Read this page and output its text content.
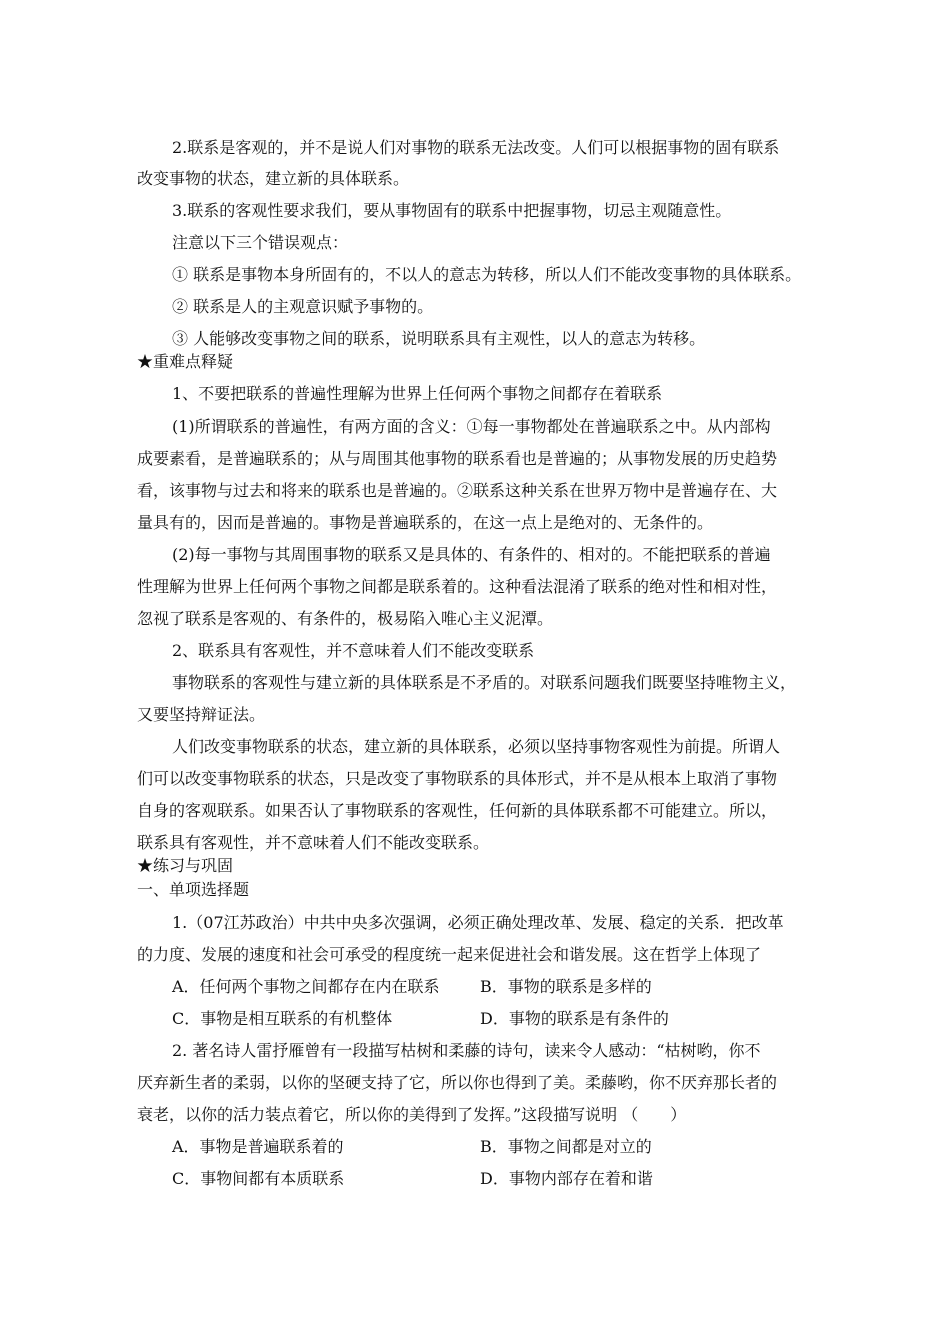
2.联系是客观的，并不是说人们对事物的联系无法改变。人们可以根据事物的固有联系
改变事物的状态，建立新的具体联系。
3.联系的客观性要求我们，要从事物固有的联系中把握事物，切忌主观随意性。
注意以下三个错误观点：
① 联系是事物本身所固有的，不以人的意志为转移，所以人们不能改变事物的具体联系。
② 联系是人的主观意识赋予事物的。
③ 人能够改变事物之间的联系，说明联系具有主观性，以人的意志为转移。
★重难点释疑
1、不要把联系的普遍性理解为世界上任何两个事物之间都存在着联系
(1)所谓联系的普遍性，有两方面的含义：①每一事物都处在普遍联系之中。从内部构
成要素看，是普遍联系的；从与周围其他事物的联系看也是普遍的；从事物发展的历史趋势
看，该事物与过去和将来的联系也是普遍的。②联系这种关系在世界万物中是普遍存在、大
量具有的，因而是普遍的。事物是普遍联系的，在这一点上是绝对的、无条件的。
(2)每一事物与其周围事物的联系又是具体的、有条件的、相对的。不能把联系的普遍
性理解为世界上任何两个事物之间都是联系着的。这种看法混淆了联系的绝对性和相对性，
忽视了联系是客观的、有条件的，极易陷入唯心主义泥潭。
2、联系具有客观性，并不意味着人们不能改变联系
事物联系的客观性与建立新的具体联系是不矛盾的。对联系问题我们既要坚持唯物主义，
又要坚持辩证法。
人们改变事物联系的状态，建立新的具体联系，必须以坚持事物客观性为前提。所谓人
们可以改变事物联系的状态，只是改变了事物联系的具体形式，并不是从根本上取消了事物
自身的客观联系。如果否认了事物联系的客观性，任何新的具体联系都不可能建立。所以，
联系具有客观性，并不意味着人们不能改变联系。
★练习与巩固
一、单项选择题
1.（07江苏政治）中共中央多次强调，必须正确处理改革、发展、稳定的关系．把改革
的力度、发展的速度和社会可承受的程度统一起来促进社会和谐发展。这在哲学上体现了
A．任何两个事物之间都存在内在联系	B．事物的联系是多样的
C．事物是相互联系的有机整体	D．事物的联系是有条件的
2. 著名诗人雷抒雁曾有一段描写枯树和柔藤的诗句，读来令人感动：“枯树哟，你不
厌弃新生者的柔弱，以你的坚硬支持了它，所以你也得到了美。柔藤哟，你不厌弃那长者的
衰老，以你的活力装点着它，所以你的美得到了发挥。”这段描写说明 （　　）
A．事物是普遍联系着的	B．事物之间都是对立的
C．事物间都有本质联系	D．事物内部存在着和谐
